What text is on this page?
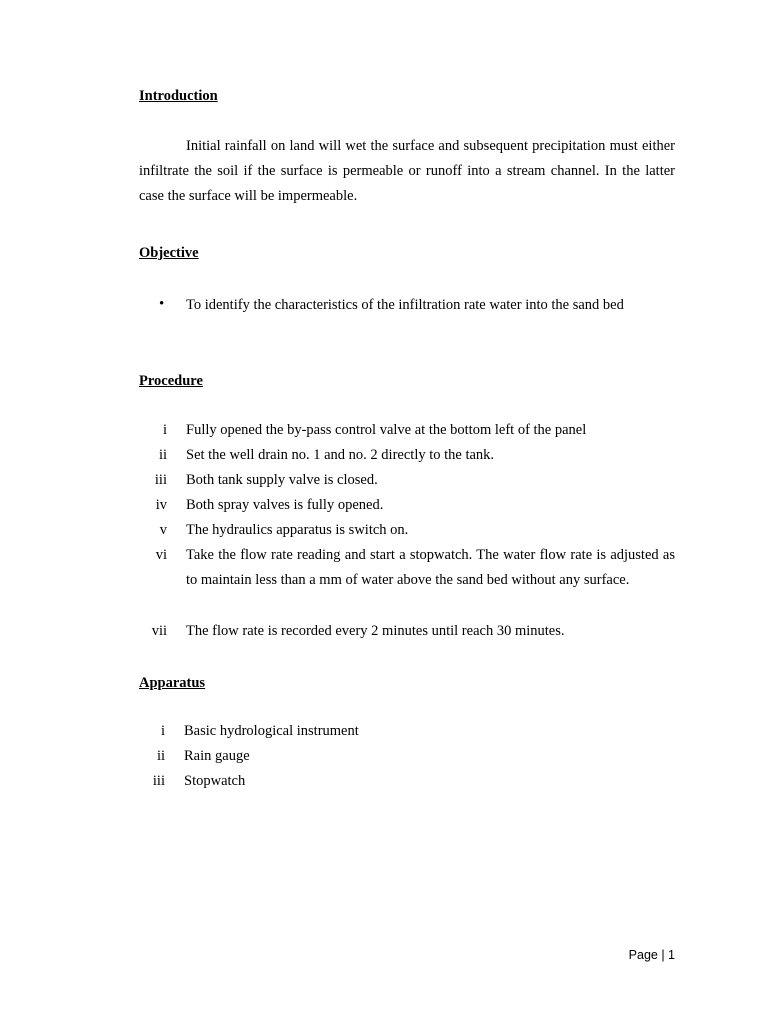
Introduction
Initial rainfall on land will wet the surface and subsequent precipitation must either infiltrate the soil if the surface is permeable or runoff into a stream channel. In the latter case the surface will be impermeable.
Objective
• To identify the characteristics of the infiltration rate water into the sand bed
Procedure
i Fully opened the by-pass control valve at the bottom left of the panel
ii Set the well drain no. 1 and no. 2 directly to the tank.
iii Both tank supply valve is closed.
iv Both spray valves is fully opened.
v The hydraulics apparatus is switch on.
vi Take the flow rate reading and start a stopwatch. The water flow rate is adjusted as to maintain less than a mm of water above the sand bed without any surface.
vii The flow rate is recorded every 2 minutes until reach 30 minutes.
Apparatus
i Basic hydrological instrument
ii Rain gauge
iii Stopwatch
Page | 1
